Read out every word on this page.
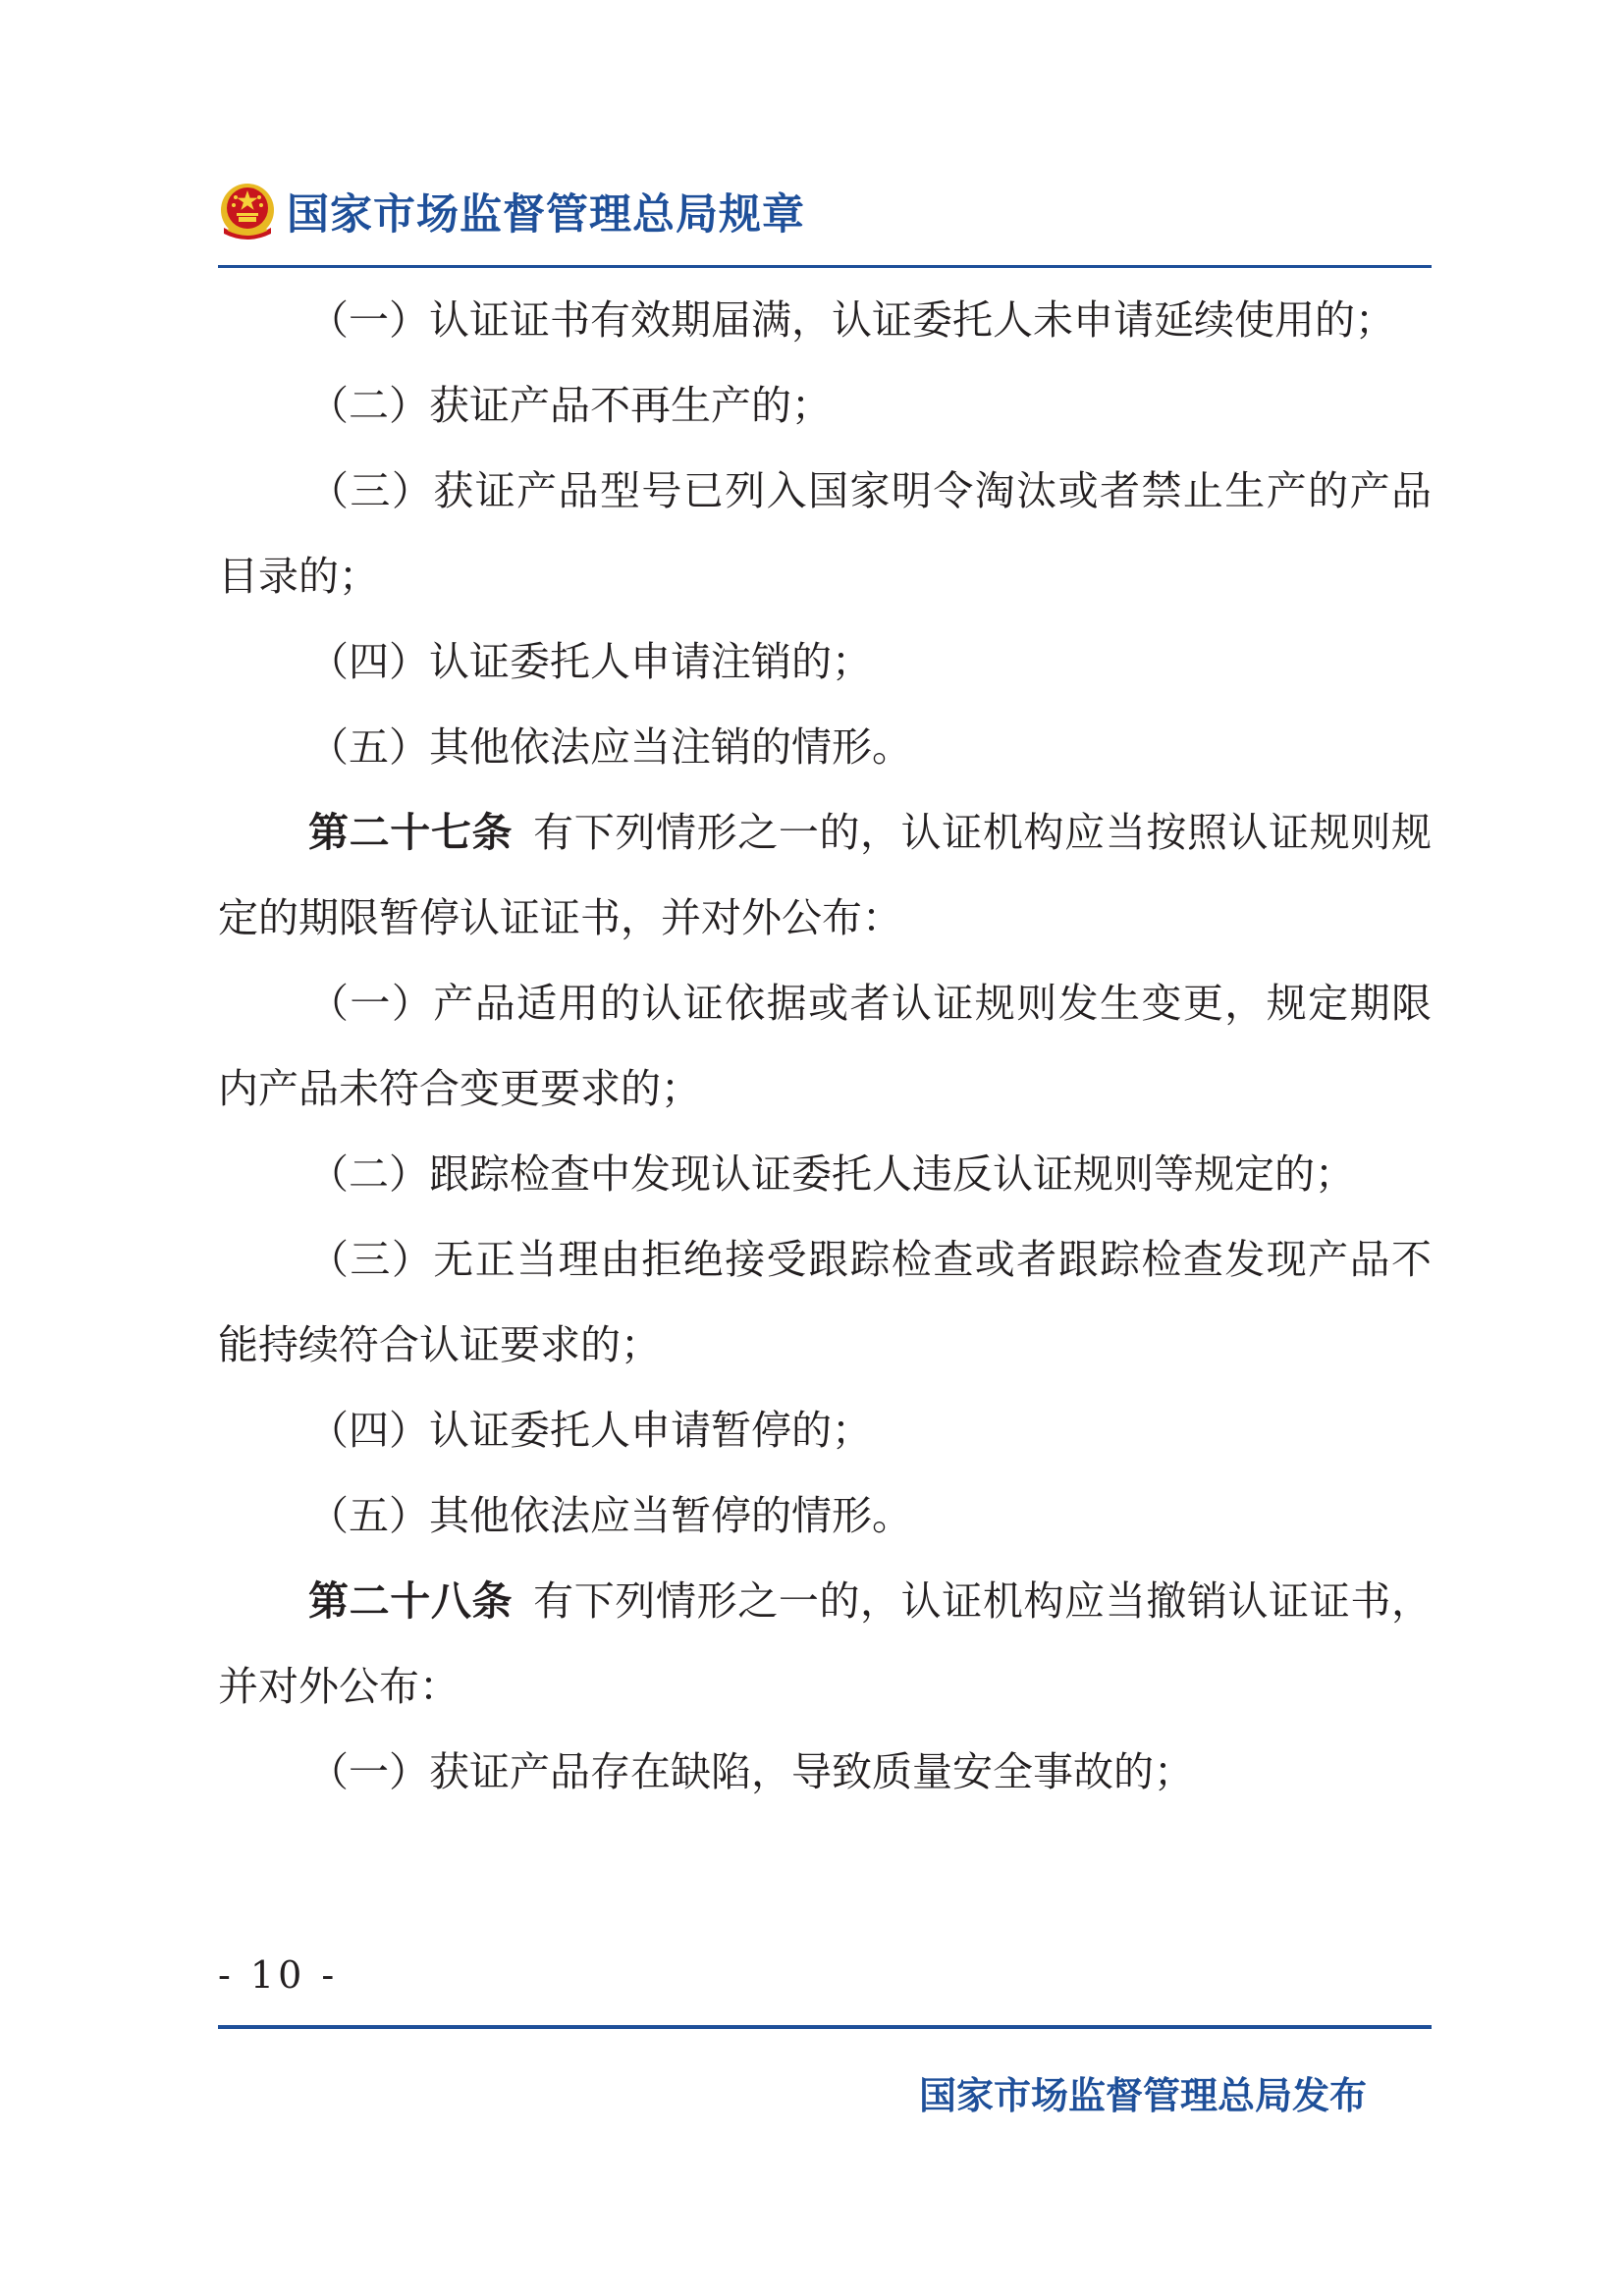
国家市场监督管理总局规章

（一）认证证书有效期届满，认证委托人未申请延续使用的；

（二）获证产品不再生产的；

（三）获证产品型号已列入国家明令淘汰或者禁止生产的产品目录的；

（四）认证委托人申请注销的；

（五）其他依法应当注销的情形。

第二十七条  有下列情形之一的，认证机构应当按照认证规则规定的期限暂停认证证书，并对外公布：

（一）产品适用的认证依据或者认证规则发生变更，规定期限内产品未符合变更要求的；

（二）跟踪检查中发现认证委托人违反认证规则等规定的；

（三）无正当理由拒绝接受跟踪检查或者跟踪检查发现产品不能持续符合认证要求的；

（四）认证委托人申请暂停的；

（五）其他依法应当暂停的情形。

第二十八条  有下列情形之一的，认证机构应当撤销认证证书，并对外公布：

（一）获证产品存在缺陷，导致质量安全事故的；

- 10 -
国家市场监督管理总局发布
